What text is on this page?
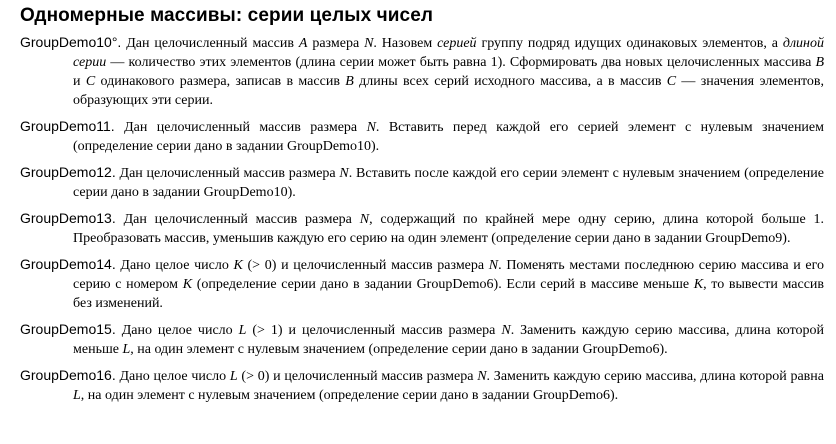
Одномерные массивы: серии целых чисел
GroupDemo10°. Дан целочисленный массив A размера N. Назовем серией группу подряд идущих одинаковых элементов, а длиной серии — количество этих элементов (длина серии может быть равна 1). Сформировать два новых целочисленных массива B и C одинакового размера, записав в массив B длины всех серий исходного массива, а в массив C — значения элементов, образующих эти серии.
GroupDemo11. Дан целочисленный массив размера N. Вставить перед каждой его серией элемент с нулевым значением (определение серии дано в задании GroupDemo10).
GroupDemo12. Дан целочисленный массив размера N. Вставить после каждой его серии элемент с нулевым значением (определение серии дано в задании GroupDemo10).
GroupDemo13. Дан целочисленный массив размера N, содержащий по крайней мере одну серию, длина которой больше 1. Преобразовать массив, уменьшив каждую его серию на один элемент (определение серии дано в задании GroupDemo9).
GroupDemo14. Дано целое число K (> 0) и целочисленный массив размера N. Поменять местами последнюю серию массива и его серию с номером K (определение серии дано в задании GroupDemo6). Если серий в массиве меньше K, то вывести массив без изменений.
GroupDemo15. Дано целое число L (> 1) и целочисленный массив размера N. Заменить каждую серию массива, длина которой меньше L, на один элемент с нулевым значением (определение серии дано в задании GroupDemo6).
GroupDemo16. Дано целое число L (> 0) и целочисленный массив размера N. Заменить каждую серию массива, длина которой равна L, на один элемент с нулевым значением (определение серии дано в задании GroupDemo6).
